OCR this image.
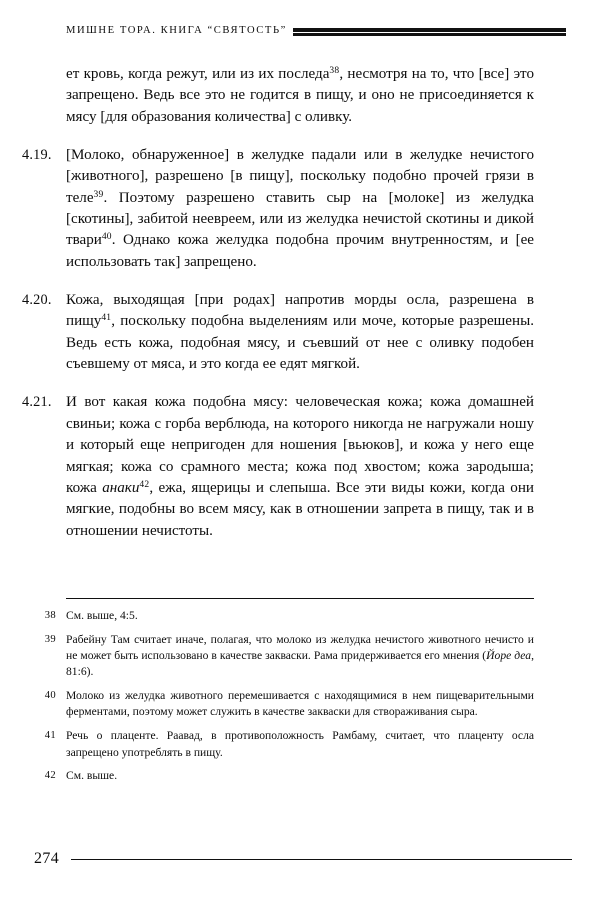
МИШНЕ ТОРА. КНИГА “СВЯТОСТЬ”
ет кровь, когда режут, или из их последа$^{38}$, несмотря на то, что [все] это запрещено. Ведь все это не годится в пищу, и оно не присоединяется к мясу [для образования количества] с оливку.
4.19. [Молоко, обнаруженное] в желудке падали или в желудке нечистого [животного], разрешено [в пищу], поскольку подобно прочей грязи в теле$^{39}$. Поэтому разрешено ставить сыр на [молоке] из желудка [скотины], забитой неевреем, или из желудка нечистой скотины и дикой твари$^{40}$. Однако кожа желудка подобна прочим внутренностям, и [ее использовать так] запрещено.
4.20. Кожа, выходящая [при родах] напротив морды осла, разрешена в пищу$^{41}$, поскольку подобна выделениям или моче, которые разрешены. Ведь есть кожа, подобная мясу, и съевший от нее с оливку подобен съевшему от мяса, и это когда ее едят мягкой.
4.21. И вот какая кожа подобна мясу: человеческая кожа; кожа домашней свиньи; кожа с горба верблюда, на которого никогда не нагружали ношу и который еще непригоден для ношения [вьюков], и кожа у него еще мягкая; кожа со срамного места; кожа под хвостом; кожа зародыша; кожа анаки$^{42}$, ежа, ящерицы и слепыша. Все эти виды кожи, когда они мягкие, подобны во всем мясу, как в отношении запрета в пищу, так и в отношении нечистоты.
38 См. выше, 4:5.
39 Рабейну Там считает иначе, полагая, что молоко из желудка нечистого животного нечисто и не может быть использовано в качестве закваски. Рама придерживается его мнения (Йоре деа, 81:6).
40 Молоко из желудка животного перемешивается с находящимися в нем пищеварительными ферментами, поэтому может служить в качестве закваски для створаживания сыра.
41 Речь о плаценте. Раавад, в противоположность Рамбаму, считает, что плаценту осла запрещено употреблять в пищу.
42 См. выше.
274
